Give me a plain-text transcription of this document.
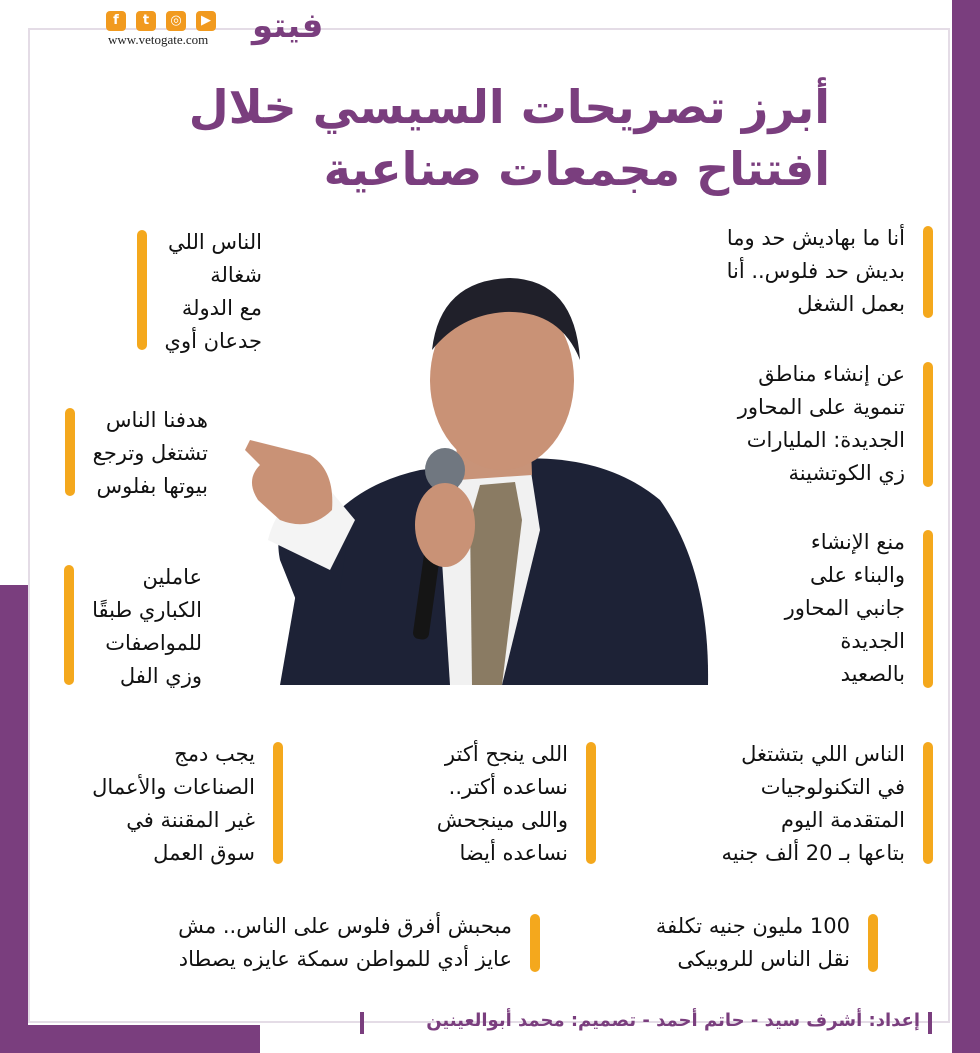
f	t	◎	▶
www.vetogate.com فيتو
أبرز تصريحات السيسي خلال
افتتاح مجمعات صناعية

أنا ما بهاديش حد وما

بديش حد فلوس.. أنا

بعمل الشغل

عن إنشاء مناطق

تنموية على المحاور

الجديدة: المليارات

زي الكوتشينة

منع الإنشاء

والبناء على

جانبي المحاور

الجديدة

بالصعيد

الناس اللي

شغالة

مع الدولة

جدعان أوي

هدفنا الناس

تشتغل وترجع

بيوتها بفلوس

عاملين

الكباري طبقًا

للمواصفات

وزي الفل

الناس اللي بتشتغل

في التكنولوجيات

المتقدمة اليوم

بتاعها بـ 20 ألف جنيه

اللى ينجح أكتر

نساعده أكتر..

واللى مينجحش

نساعده أيضا

يجب دمج

الصناعات والأعمال

غير المقننة في

سوق العمل

100 مليون جنيه تكلفة

نقل الناس للروبيكى

مبحبش أفرق فلوس على الناس.. مش

عايز أدي للمواطن سمكة عايزه يصطاد

إعداد: أشرف سيد - حاتم أحمد - تصميم: محمد أبوالعينين
